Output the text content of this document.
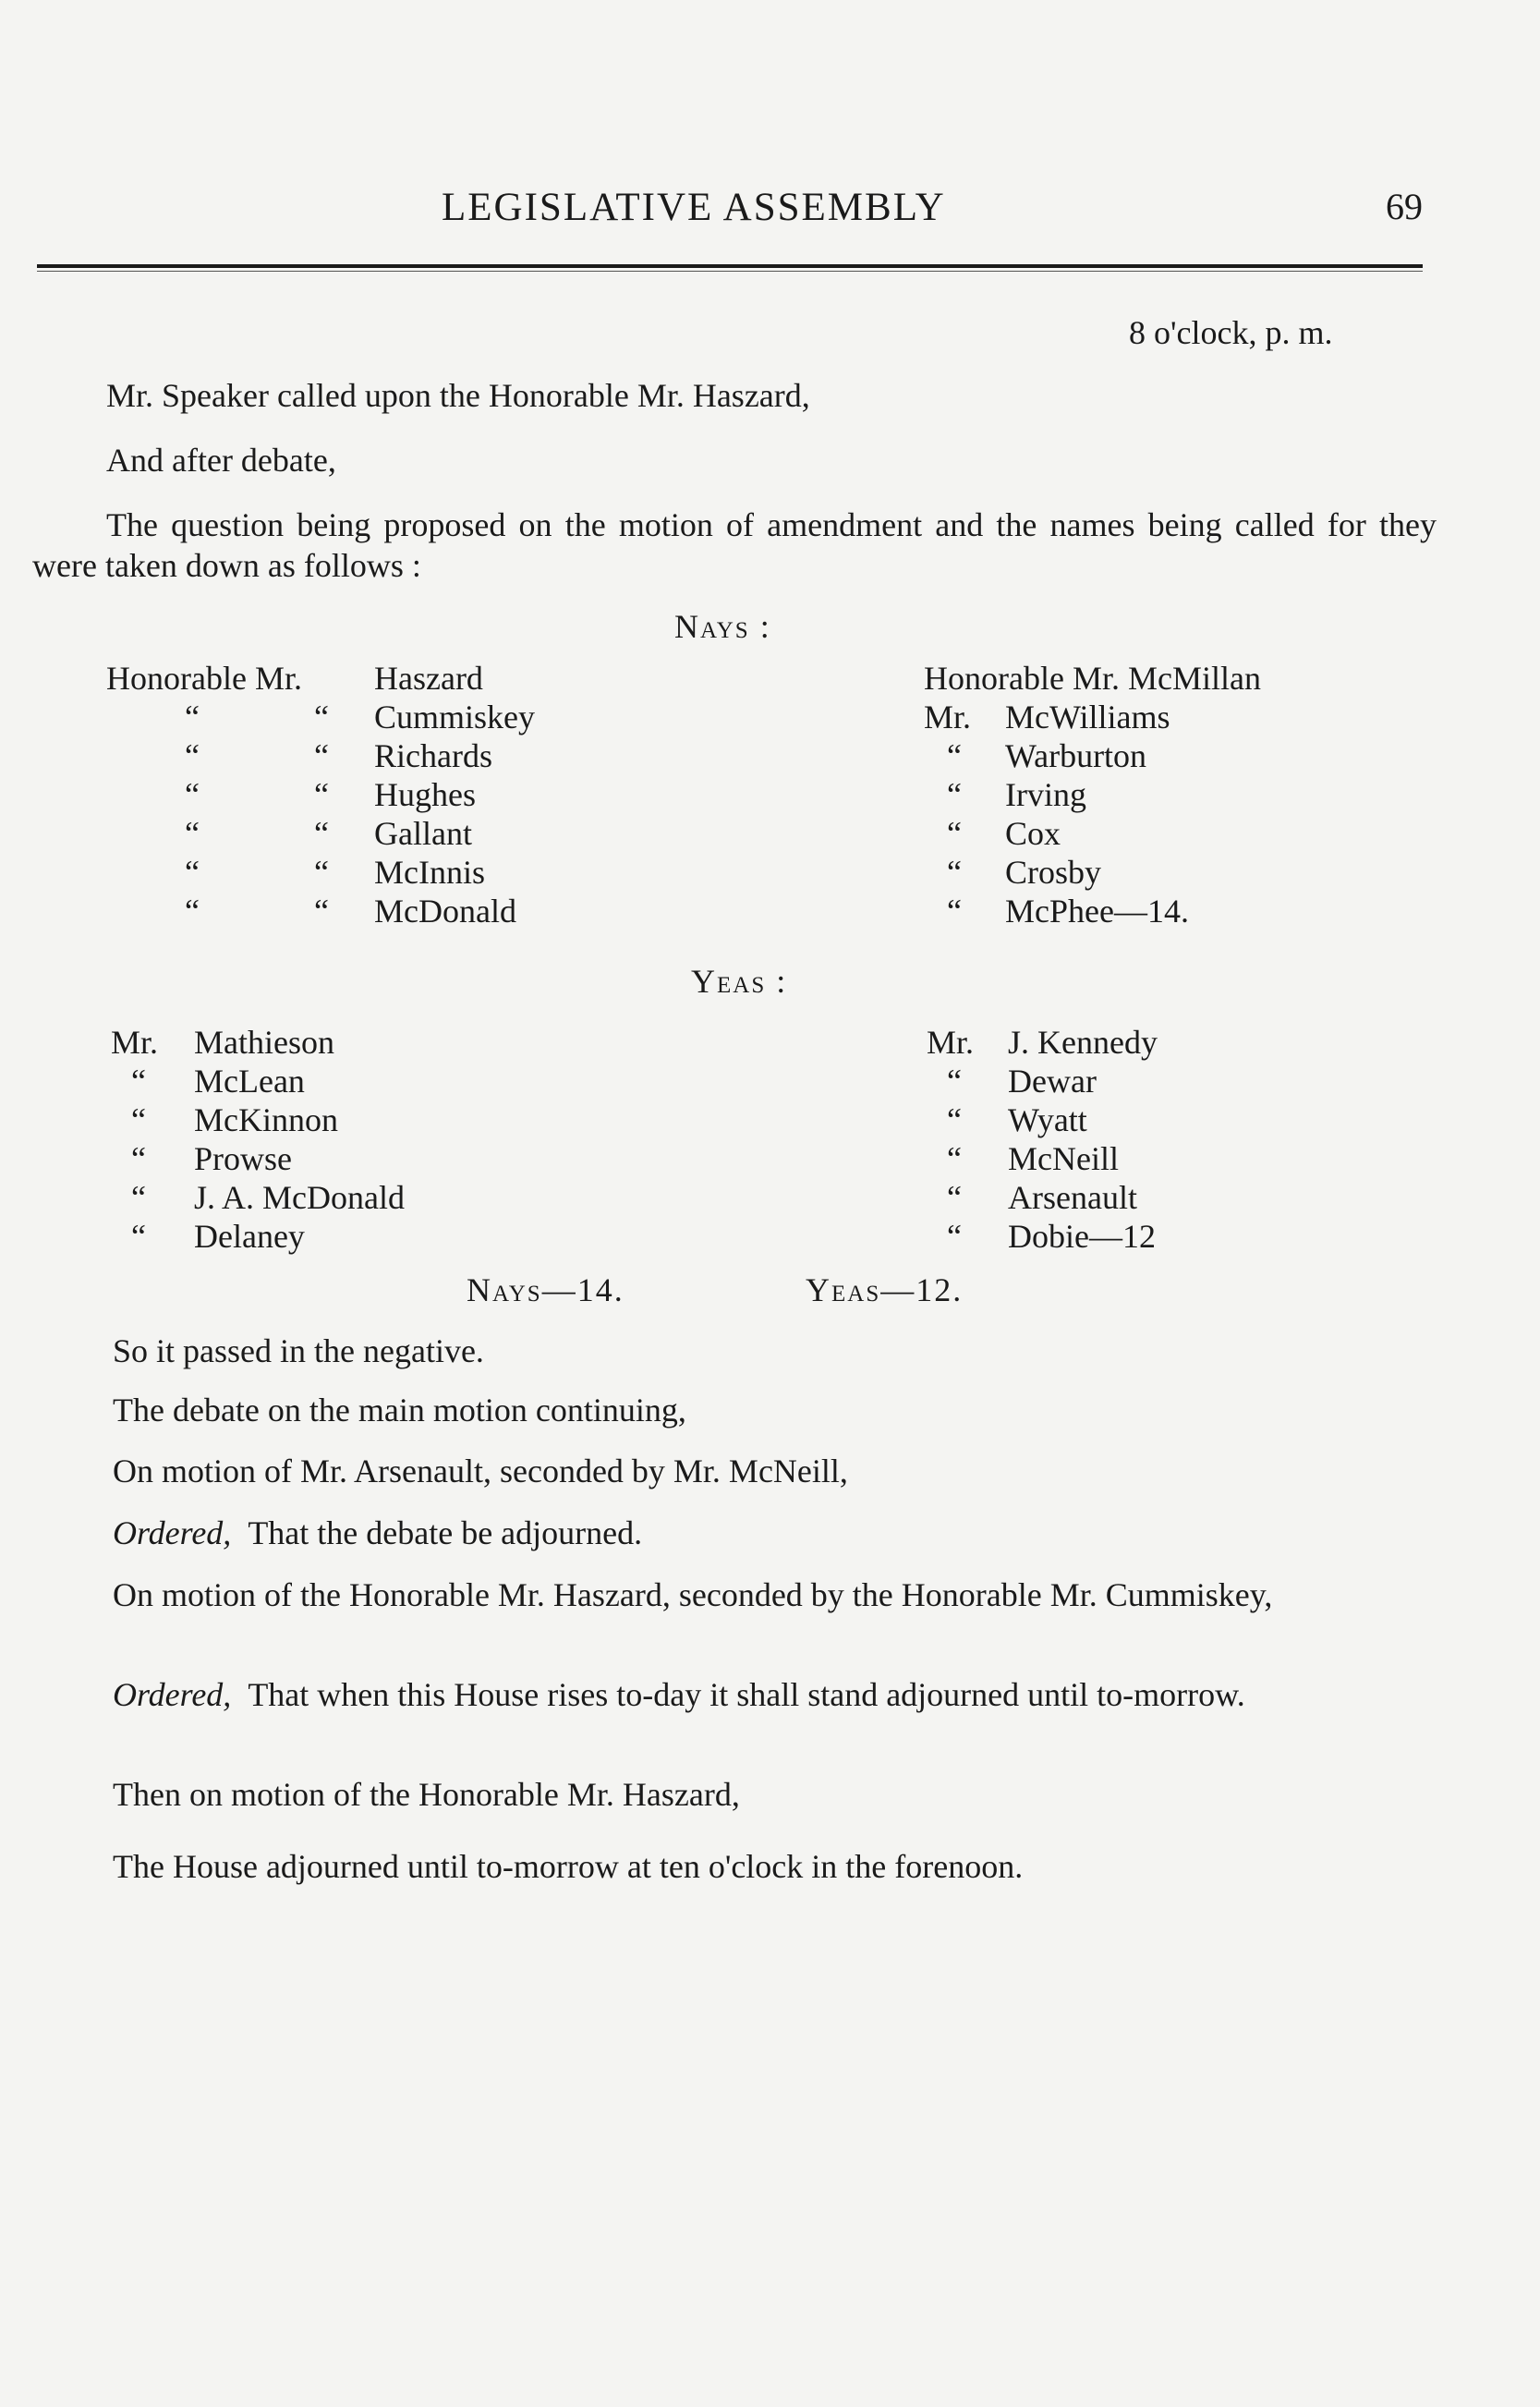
LEGISLATIVE ASSEMBLY	69
8 o'clock, p. m.
Mr. Speaker called upon the Honorable Mr. Haszard,
And after debate,
The question being proposed on the motion of amendment and the names being called for they were taken down as follows :
Nays :
Honorable Mr. Haszard
“	“ Cummiskey
“	“ Richards
“	“ Hughes
“	“ Gallant
“	“ McInnis
“	“ McDonald
Honorable Mr. McMillan
Mr. McWilliams
“ Warburton
“ Irving
“ Cox
“ Crosby
“ McPhee—14.
Yeas :
Mr. Mathieson
“ McLean
“ McKinnon
“ Prowse
“ J. A. McDonald
“ Delaney
Mr. J. Kennedy
“ Dewar
“ Wyatt
“ McNeill
“ Arsenault
“ Dobie—12
Nays—14.	Yeas—12.
So it passed in the negative.
The debate on the main motion continuing,
On motion of Mr. Arsenault, seconded by Mr. McNeill,
Ordered, That the debate be adjourned.
On motion of the Honorable Mr. Haszard, seconded by the Honorable Mr. Cummiskey,
Ordered, That when this House rises to-day it shall stand adjourned until to-morrow.
Then on motion of the Honorable Mr. Haszard,
The House adjourned until to-morrow at ten o'clock in the forenoon.
